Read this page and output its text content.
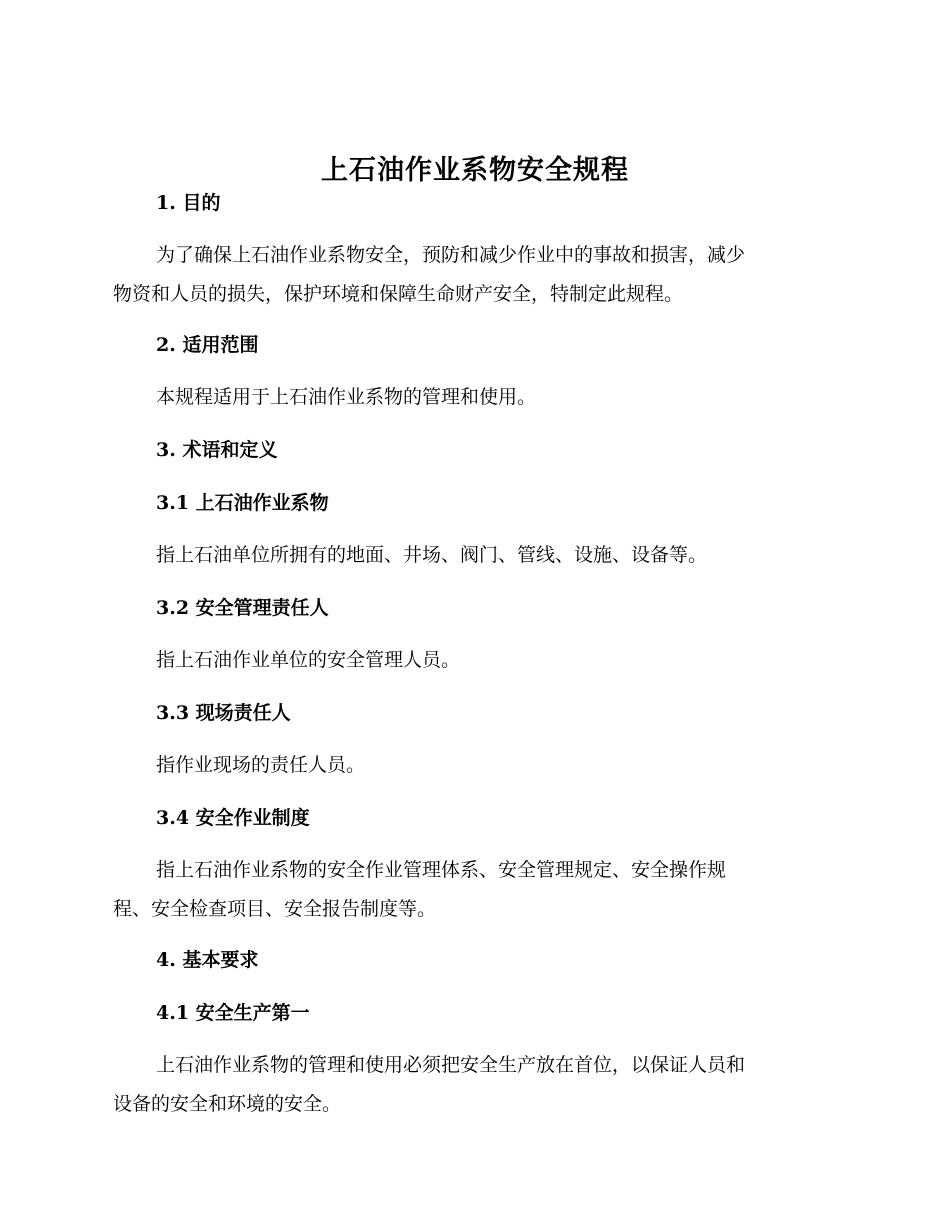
上石油作业系物安全规程
1. 目的
为了确保上石油作业系物安全，预防和减少作业中的事故和损害，减少
物资和人员的损失，保护环境和保障生命财产安全，特制定此规程。
2. 适用范围
本规程适用于上石油作业系物的管理和使用。
3. 术语和定义
3.1 上石油作业系物
指上石油单位所拥有的地面、井场、阀门、管线、设施、设备等。
3.2 安全管理责任人
指上石油作业单位的安全管理人员。
3.3 现场责任人
指作业现场的责任人员。
3.4 安全作业制度
指上石油作业系物的安全作业管理体系、安全管理规定、安全操作规
程、安全检查项目、安全报告制度等。
4. 基本要求
4.1 安全生产第一
上石油作业系物的管理和使用必须把安全生产放在首位，以保证人员和
设备的安全和环境的安全。
